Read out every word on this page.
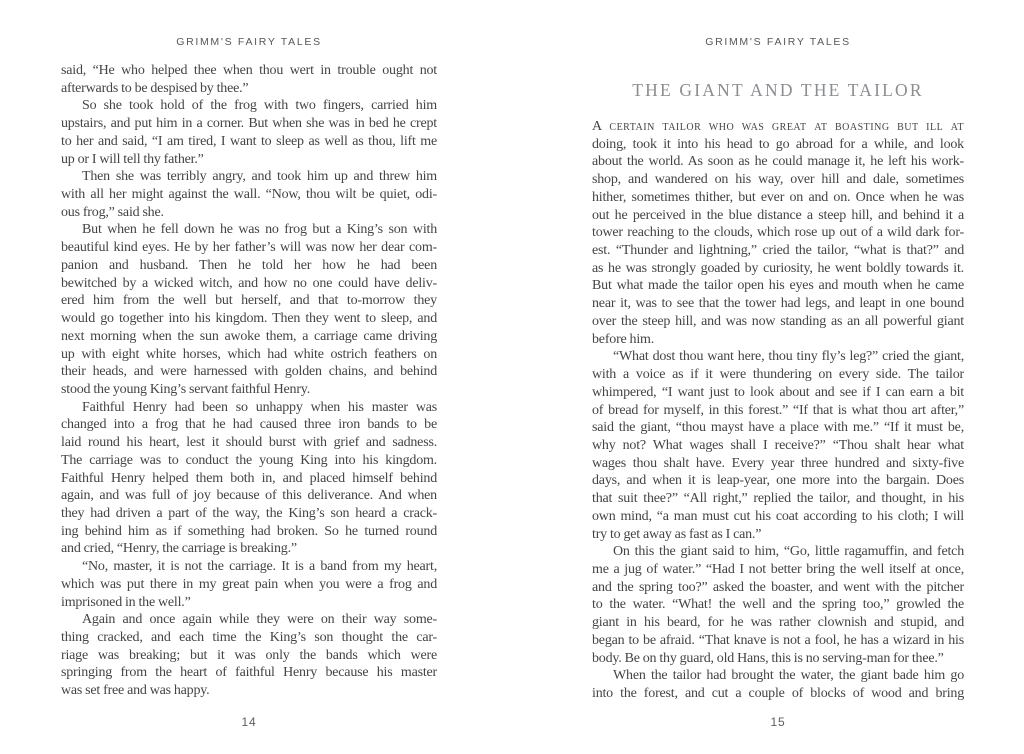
GRIMM'S FAIRY TALES
said, “He who helped thee when thou wert in trouble ought not
afterwards to be despised by thee.”
So she took hold of the frog with two fingers, carried him
upstairs, and put him in a corner. But when she was in bed he crept
to her and said, “I am tired, I want to sleep as well as thou, lift me
up or I will tell thy father.”
Then she was terribly angry, and took him up and threw him
with all her might against the wall. “Now, thou wilt be quiet, odi-
ous frog,” said she.
But when he fell down he was no frog but a King’s son with
beautiful kind eyes. He by her father’s will was now her dear com-
panion and husband. Then he told her how he had been
bewitched by a wicked witch, and how no one could have deliv-
ered him from the well but herself, and that to-morrow they
would go together into his kingdom. Then they went to sleep, and
next morning when the sun awoke them, a carriage came driving
up with eight white horses, which had white ostrich feathers on
their heads, and were harnessed with golden chains, and behind
stood the young King’s servant faithful Henry.
Faithful Henry had been so unhappy when his master was
changed into a frog that he had caused three iron bands to be
laid round his heart, lest it should burst with grief and sadness.
The carriage was to conduct the young King into his kingdom.
Faithful Henry helped them both in, and placed himself behind
again, and was full of joy because of this deliverance. And when
they had driven a part of the way, the King’s son heard a crack-
ing behind him as if something had broken. So he turned round
and cried, “Henry, the carriage is breaking.”
“No, master, it is not the carriage. It is a band from my heart,
which was put there in my great pain when you were a frog and
imprisoned in the well.”
Again and once again while they were on their way some-
thing cracked, and each time the King’s son thought the car-
riage was breaking; but it was only the bands which were
springing from the heart of faithful Henry because his master
was set free and was happy.
14
GRIMM'S FAIRY TALES
THE GIANT AND THE TAILOR
A certain tailor who was great at boasting but ill at
doing, took it into his head to go abroad for a while, and look
about the world. As soon as he could manage it, he left his work-
shop, and wandered on his way, over hill and dale, sometimes
hither, sometimes thither, but ever on and on. Once when he was
out he perceived in the blue distance a steep hill, and behind it a
tower reaching to the clouds, which rose up out of a wild dark for-
est. “Thunder and lightning,” cried the tailor, “what is that?” and
as he was strongly goaded by curiosity, he went boldly towards it.
But what made the tailor open his eyes and mouth when he came
near it, was to see that the tower had legs, and leapt in one bound
over the steep hill, and was now standing as an all powerful giant
before him.
“What dost thou want here, thou tiny fly’s leg?” cried the giant,
with a voice as if it were thundering on every side. The tailor
whimpered, “I want just to look about and see if I can earn a bit
of bread for myself, in this forest.” “If that is what thou art after,”
said the giant, “thou mayst have a place with me.” “If it must be,
why not? What wages shall I receive?” “Thou shalt hear what
wages thou shalt have. Every year three hundred and sixty-five
days, and when it is leap-year, one more into the bargain. Does
that suit thee?” “All right,” replied the tailor, and thought, in his
own mind, “a man must cut his coat according to his cloth; I will
try to get away as fast as I can.”
On this the giant said to him, “Go, little ragamuffin, and fetch
me a jug of water.” “Had I not better bring the well itself at once,
and the spring too?” asked the boaster, and went with the pitcher
to the water. “What! the well and the spring too,” growled the
giant in his beard, for he was rather clownish and stupid, and
began to be afraid. “That knave is not a fool, he has a wizard in his
body. Be on thy guard, old Hans, this is no serving-man for thee.”
When the tailor had brought the water, the giant bade him go
into the forest, and cut a couple of blocks of wood and bring
15
